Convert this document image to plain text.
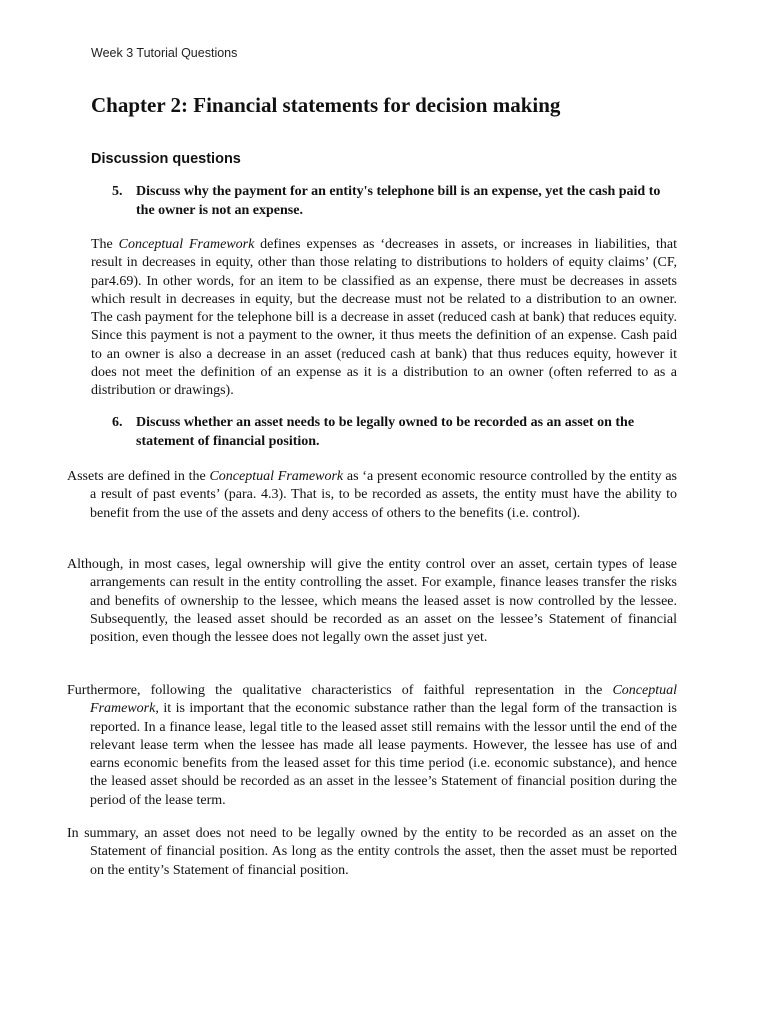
Week 3 Tutorial Questions
Chapter 2: Financial statements for decision making
Discussion questions
5. Discuss why the payment for an entity's telephone bill is an expense, yet the cash paid to the owner is not an expense.

The Conceptual Framework defines expenses as ‘decreases in assets, or increases in liabilities, that result in decreases in equity, other than those relating to distributions to holders of equity claims’ (CF, par4.69). In other words, for an item to be classified as an expense, there must be decreases in assets which result in decreases in equity, but the decrease must not be related to a distribution to an owner. The cash payment for the telephone bill is a decrease in asset (reduced cash at bank) that reduces equity. Since this payment is not a payment to the owner, it thus meets the definition of an expense. Cash paid to an owner is also a decrease in an asset (reduced cash at bank) that thus reduces equity, however it does not meet the definition of an expense as it is a distribution to an owner (often referred to as a distribution or drawings).

6. Discuss whether an asset needs to be legally owned to be recorded as an asset on the statement of financial position.

Assets are defined in the Conceptual Framework as ‘a present economic resource controlled by the entity as a result of past events’ (para. 4.3). That is, to be recorded as assets, the entity must have the ability to benefit from the use of the assets and deny access of others to the benefits (i.e. control).

Although, in most cases, legal ownership will give the entity control over an asset, certain types of lease arrangements can result in the entity controlling the asset. For example, finance leases transfer the risks and benefits of ownership to the lessee, which means the leased asset is now controlled by the lessee. Subsequently, the leased asset should be recorded as an asset on the lessee’s Statement of financial position, even though the lessee does not legally own the asset just yet.

Furthermore, following the qualitative characteristics of faithful representation in the Conceptual Framework, it is important that the economic substance rather than the legal form of the transaction is reported. In a finance lease, legal title to the leased asset still remains with the lessor until the end of the relevant lease term when the lessee has made all lease payments. However, the lessee has use of and earns economic benefits from the leased asset for this time period (i.e. economic substance), and hence the leased asset should be recorded as an asset in the lessee’s Statement of financial position during the period of the lease term.

In summary, an asset does not need to be legally owned by the entity to be recorded as an asset on the Statement of financial position. As long as the entity controls the asset, then the asset must be reported on the entity’s Statement of financial position.
